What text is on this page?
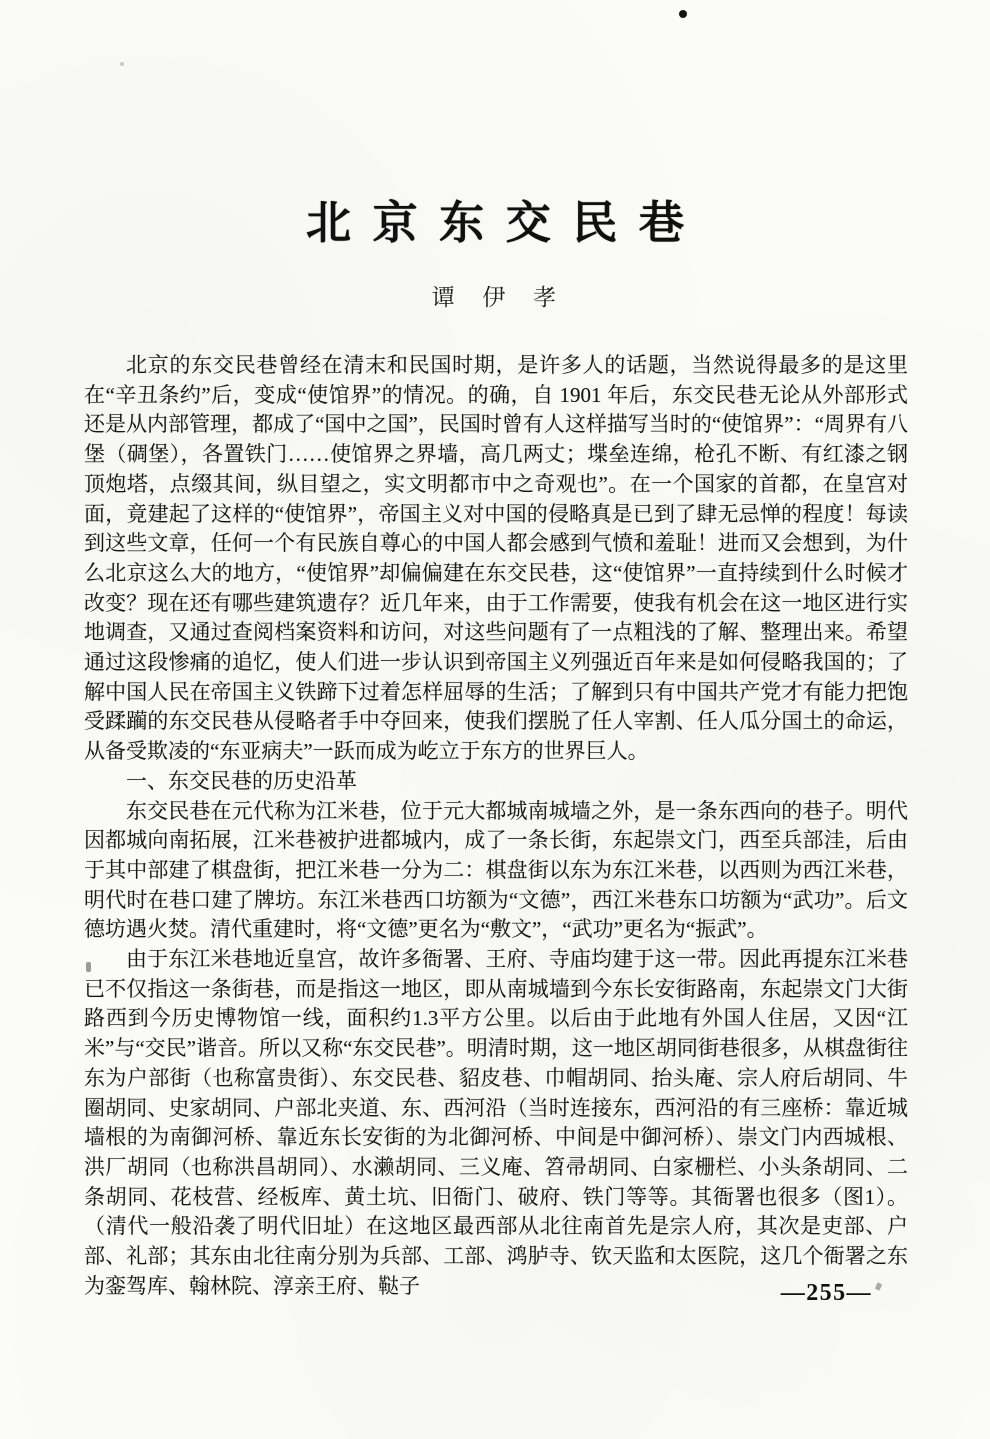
北京东交民巷
谭　伊　孝

北京的东交民巷曾经在清末和民国时期，是许多人的话题，当然说得最多的是这里在“辛丑条约”后，变成“使馆界”的情况。的确，自 1901 年后，东交民巷无论从外部形式还是从内部管理，都成了“国中之国”，民国时曾有人这样描写当时的“使馆界”：“周界有八堡（碉堡），各置铁门……使馆界之界墙，高几两丈；堞垒连绵，枪孔不断、有红漆之钢顶炮塔，点缀其间，纵目望之，实文明都市中之奇观也”。在一个国家的首都，在皇宫对面，竟建起了这样的“使馆界”，帝国主义对中国的侵略真是已到了肆无忌惮的程度！每读到这些文章，任何一个有民族自尊心的中国人都会感到气愤和羞耻！进而又会想到，为什么北京这么大的地方，“使馆界”却偏偏建在东交民巷，这“使馆界”一直持续到什么时候才改变？现在还有哪些建筑遗存？近几年来，由于工作需要，使我有机会在这一地区进行实地调查，又通过查阅档案资料和访问，对这些问题有了一点粗浅的了解、整理出来。希望通过这段惨痛的追忆，使人们进一步认识到帝国主义列强近百年来是如何侵略我国的；了解中国人民在帝国主义铁蹄下过着怎样屈辱的生活；了解到只有中国共产党才有能力把饱受蹂躏的东交民巷从侵略者手中夺回来，使我们摆脱了任人宰割、任人瓜分国土的命运，从备受欺凌的“东亚病夫”一跃而成为屹立于东方的世界巨人。

一、东交民巷的历史沿革

东交民巷在元代称为江米巷，位于元大都城南城墙之外，是一条东西向的巷子。明代因都城向南拓展，江米巷被护进都城内，成了一条长街，东起崇文门，西至兵部洼，后由于其中部建了棋盘街，把江米巷一分为二：棋盘街以东为东江米巷，以西则为西江米巷，明代时在巷口建了牌坊。东江米巷西口坊额为“文德”，西江米巷东口坊额为“武功”。后文德坊遇火焚。清代重建时，将“文德”更名为“敷文”，“武功”更名为“振武”。

由于东江米巷地近皇宫，故许多衙署、王府、寺庙均建于这一带。因此再提东江米巷已不仅指这一条街巷，而是指这一地区，即从南城墙到今东长安街路南，东起崇文门大街路西到今历史博物馆一线，面积约1.3平方公里。以后由于此地有外国人住居，又因“江米”与“交民”谐音。所以又称“东交民巷”。明清时期，这一地区胡同街巷很多，从棋盘街往东为户部街（也称富贵街）、东交民巷、貂皮巷、巾帽胡同、抬头庵、宗人府后胡同、牛圈胡同、史家胡同、户部北夹道、东、西河沿（当时连接东，西河沿的有三座桥：靠近城墙根的为南御河桥、靠近东长安街的为北御河桥、中间是中御河桥）、崇文门内西城根、洪厂胡同（也称洪昌胡同）、水濑胡同、三义庵、笤帚胡同、白家栅栏、小头条胡同、二条胡同、花枝营、经板库、黄土坑、旧衙门、破府、铁门等等。其衙署也很多（图1）。（清代一般沿袭了明代旧址）在这地区最西部从北往南首先是宗人府，其次是吏部、户部、礼部；其东由北往南分别为兵部、工部、鸿胪寺、钦天监和太医院，这几个衙署之东为銮驾库、翰林院、淳亲王府、鞑子	—255—
